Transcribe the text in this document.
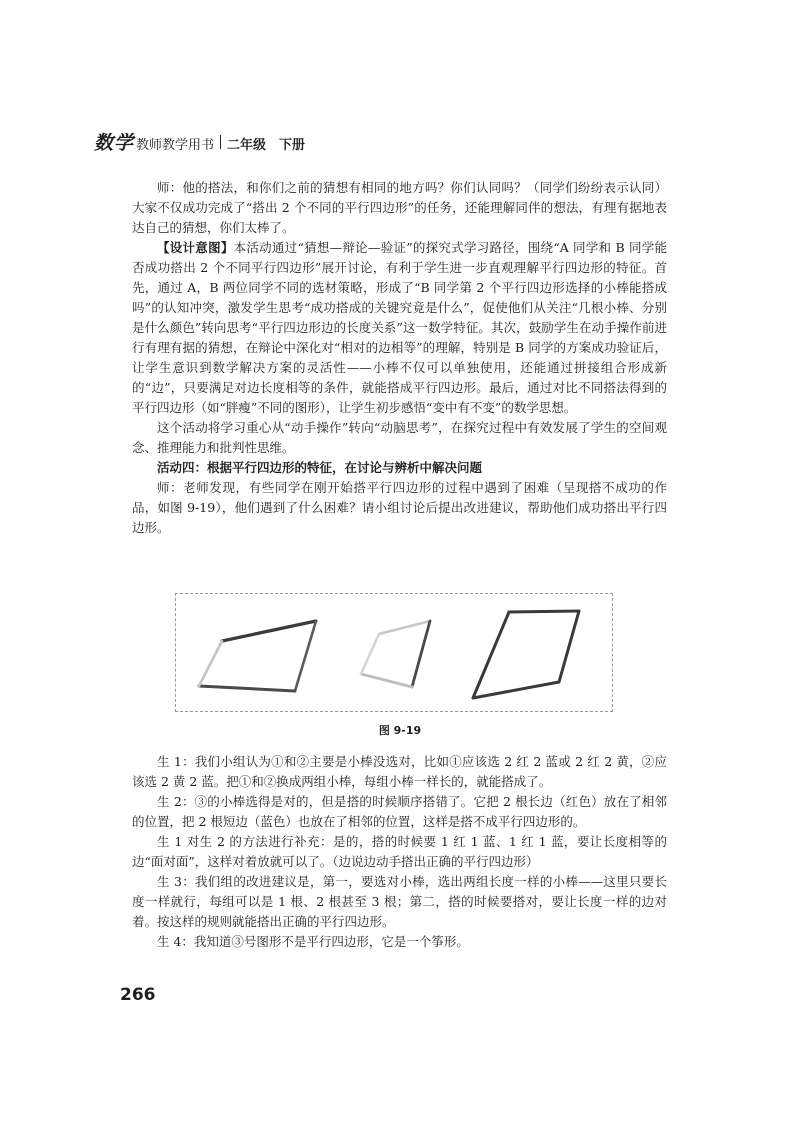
数学 教师教学用书 二年级　下册

师：他的搭法，和你们之前的猜想有相同的地方吗？你们认同吗？（同学们纷纷表示认同）大家不仅成功完成了“搭出 2 个不同的平行四边形”的任务，还能理解同伴的想法，有理有据地表达自己的猜想，你们太棒了。

【设计意图】本活动通过“猜想—辩论—验证”的探究式学习路径，围绕“A 同学和 B 同学能否成功搭出 2 个不同平行四边形”展开讨论，有利于学生进一步直观理解平行四边形的特征。首先，通过 A，B 两位同学不同的选材策略，形成了“B 同学第 2 个平行四边形选择的小棒能搭成吗”的认知冲突，激发学生思考“成功搭成的关键究竟是什么”，促使他们从关注“几根小棒、分别是什么颜色”转向思考“平行四边形边的长度关系”这一数学特征。其次，鼓励学生在动手操作前进行有理有据的猜想，在辩论中深化对“相对的边相等”的理解，特别是 B 同学的方案成功验证后，让学生意识到数学解决方案的灵活性——小棒不仅可以单独使用，还能通过拼接组合形成新的“边”，只要满足对边长度相等的条件，就能搭成平行四边形。最后，通过对比不同搭法得到的平行四边形（如“胖瘦”不同的图形），让学生初步感悟“变中有不变”的数学思想。

这个活动将学习重心从“动手操作”转向“动脑思考”，在探究过程中有效发展了学生的空间观念、推理能力和批判性思维。

活动四：根据平行四边形的特征，在讨论与辨析中解决问题

师：老师发现，有些同学在刚开始搭平行四边形的过程中遇到了困难（呈现搭不成功的作品，如图 9-19），他们遇到了什么困难？请小组讨论后提出改进建议，帮助他们成功搭出平行四边形。

图 9-19

生 1：我们小组认为①和②主要是小棒没选对，比如①应该选 2 红 2 蓝或 2 红 2 黄，②应该选 2 黄 2 蓝。把①和②换成两组小棒，每组小棒一样长的，就能搭成了。

生 2：③的小棒选得是对的，但是搭的时候顺序搭错了。它把 2 根长边（红色）放在了相邻的位置，把 2 根短边（蓝色）也放在了相邻的位置，这样是搭不成平行四边形的。

生 1 对生 2 的方法进行补充：是的，搭的时候要 1 红 1 蓝、1 红 1 蓝，要让长度相等的边“面对面”，这样对着放就可以了。（边说边动手搭出正确的平行四边形）

生 3：我们组的改进建议是，第一，要选对小棒，选出两组长度一样的小棒——这里只要长度一样就行，每组可以是 1 根、2 根甚至 3 根；第二，搭的时候要搭对，要让长度一样的边对着。按这样的规则就能搭出正确的平行四边形。

生 4：我知道③号图形不是平行四边形，它是一个筝形。

266
